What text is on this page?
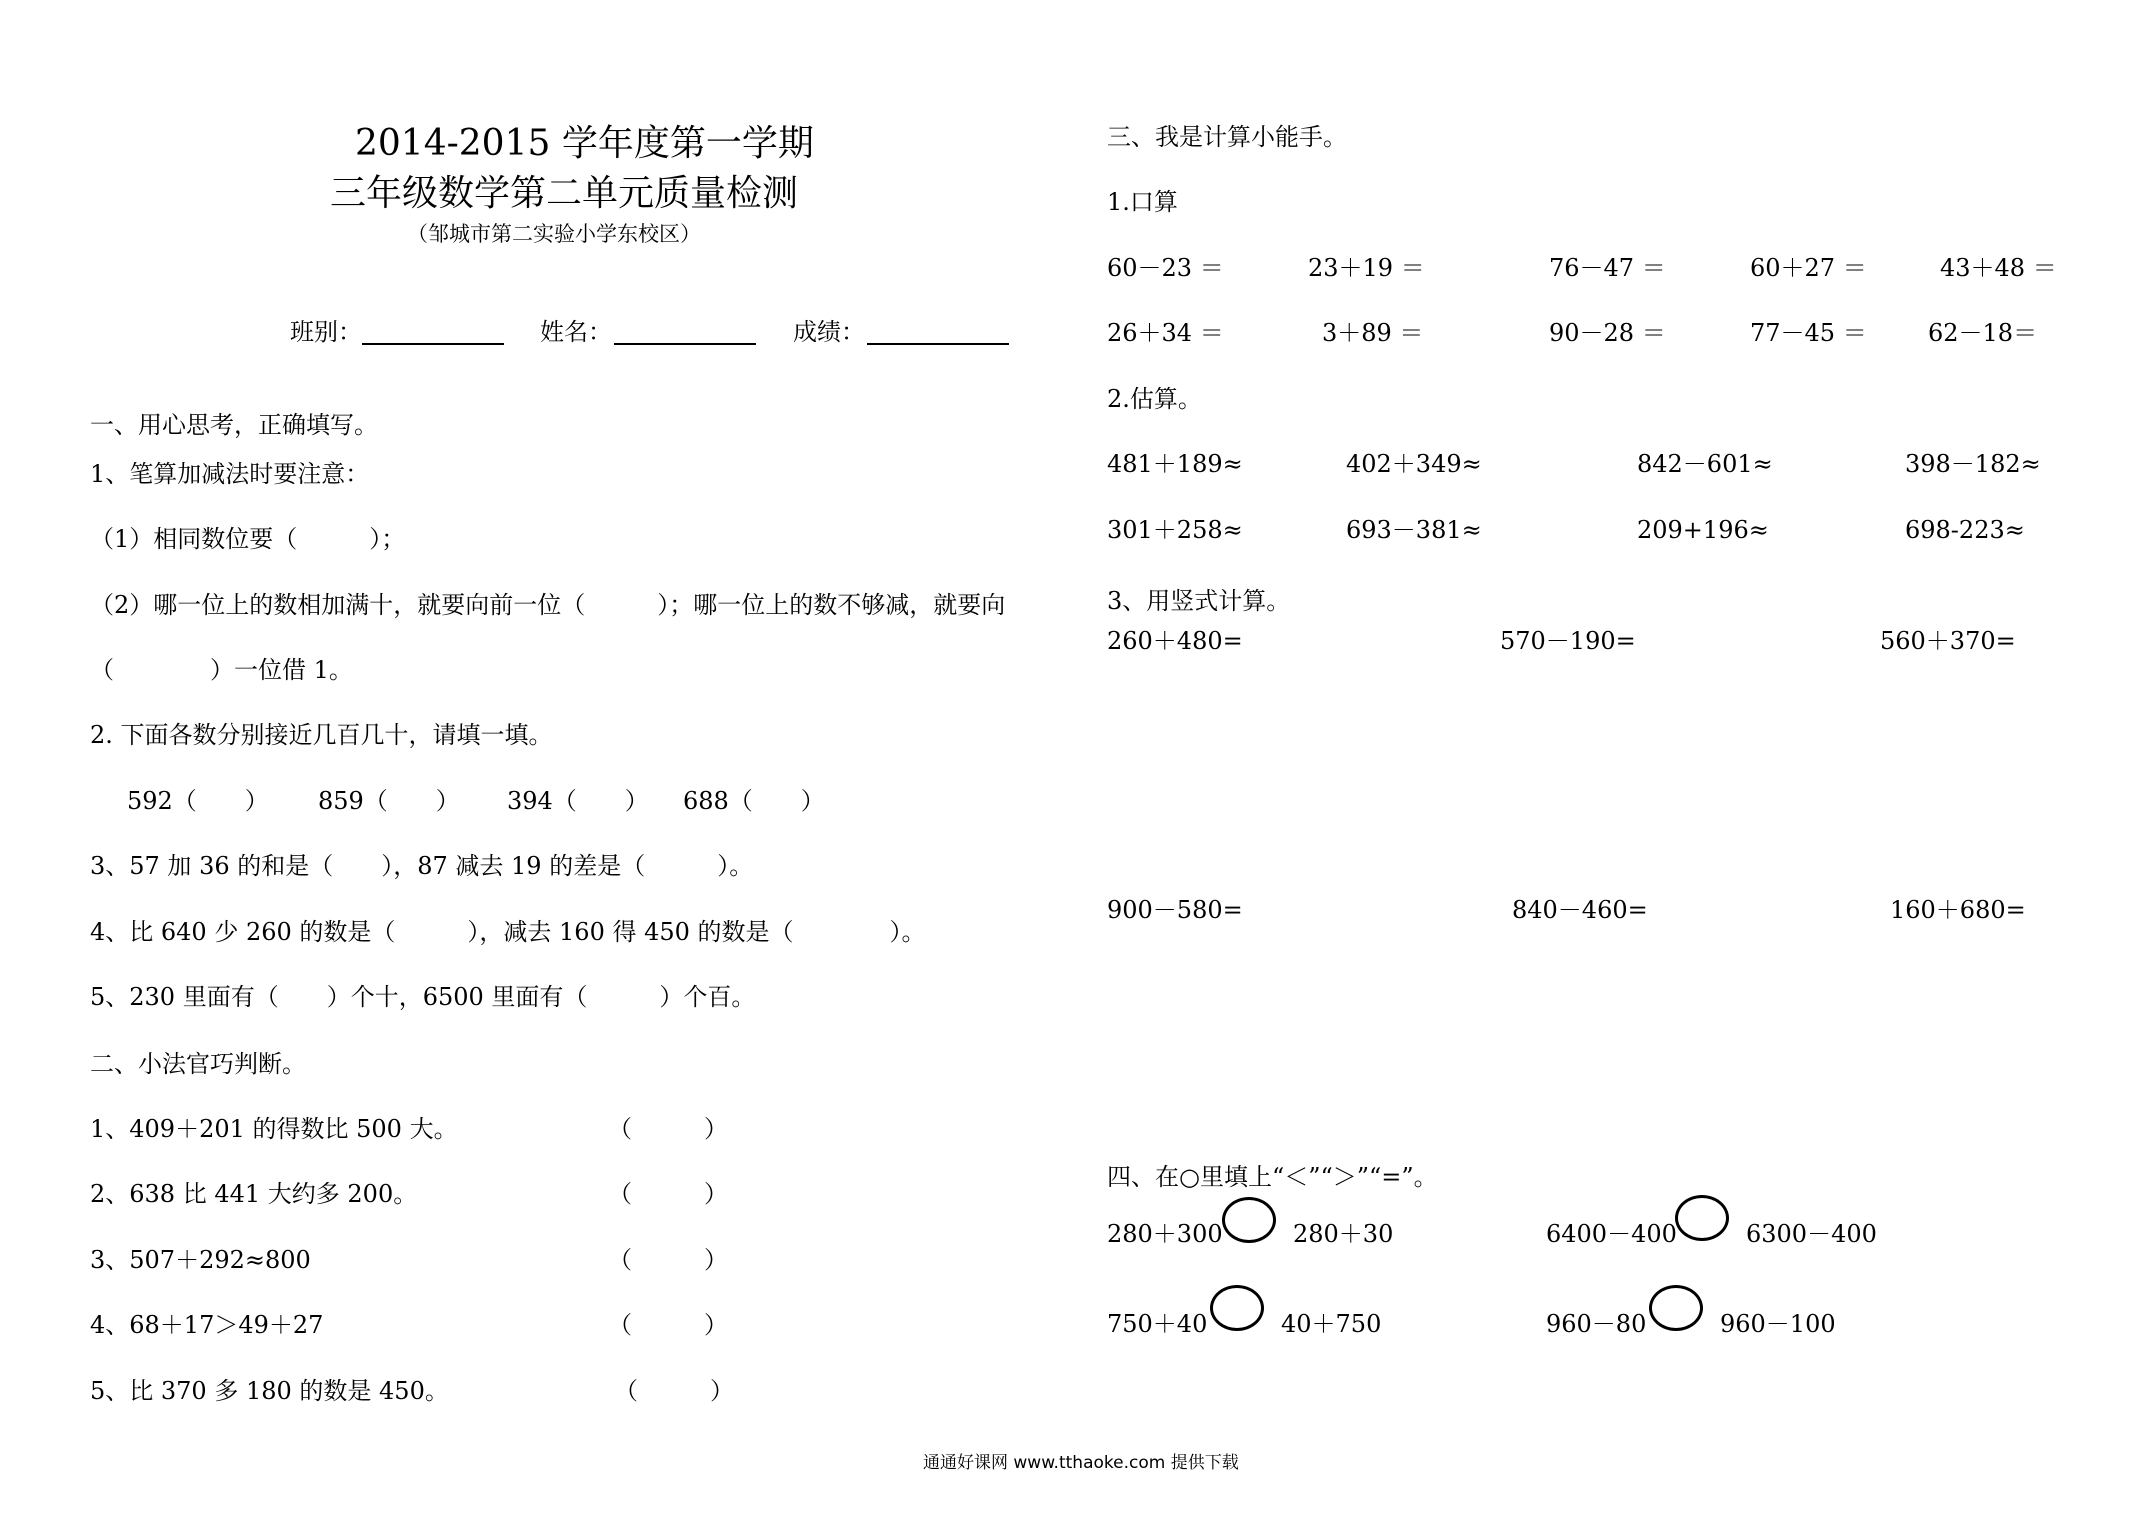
2014-2015 学年度第一学期
三年级数学第二单元质量检测
（邹城市第二实验小学东校区）
班别：	姓名：	成绩：
一、用心思考，正确填写。
1、笔算加减法时要注意：
（1）相同数位要（　　　）；
（2）哪一位上的数相加满十，就要向前一位（　　　）；哪一位上的数不够减，就要向
（　　　　）一位借 1。
2. 下面各数分别接近几百几十，请填一填。
592（　　） 859（　　） 394（　　） 688（　　）
3、57 加 36 的和是（　　），87 减去 19 的差是（　　　）。
4、比 640 少 260 的数是（　　　），减去 160 得 450 的数是（　　　　）。
5、230 里面有（　　）个十，6500 里面有（　　　）个百。
二、小法官巧判断。
1、409＋201 的得数比 500 大。	（　　　）
2、638 比 441 大约多 200。	（　　　）
3、507＋292≈800	（　　　）
4、68＋17＞49＋27	（　　　）
5、比 370 多 180 的数是 450。	（　　　）
三、我是计算小能手。
1.口算
60－23 ＝	23＋19 ＝	76－47 ＝	60＋27 ＝	43＋48 ＝
26＋34 ＝	3＋89 ＝	90－28 ＝	77－45 ＝	62－18＝
2.估算。
481＋189≈	402＋349≈	842－601≈	398－182≈
301＋258≈	693－381≈	209+196≈	698-223≈
3、用竖式计算。
260＋480=	570－190=	560＋370=
900－580=	840－460=	160＋680=
四、在○里填上“＜”“＞”“=”。
280＋300	280＋30	6400－400	6300－400
750＋40	40＋750	960－80	960－100
通通好课网 www.tthaoke.com 提供下载
